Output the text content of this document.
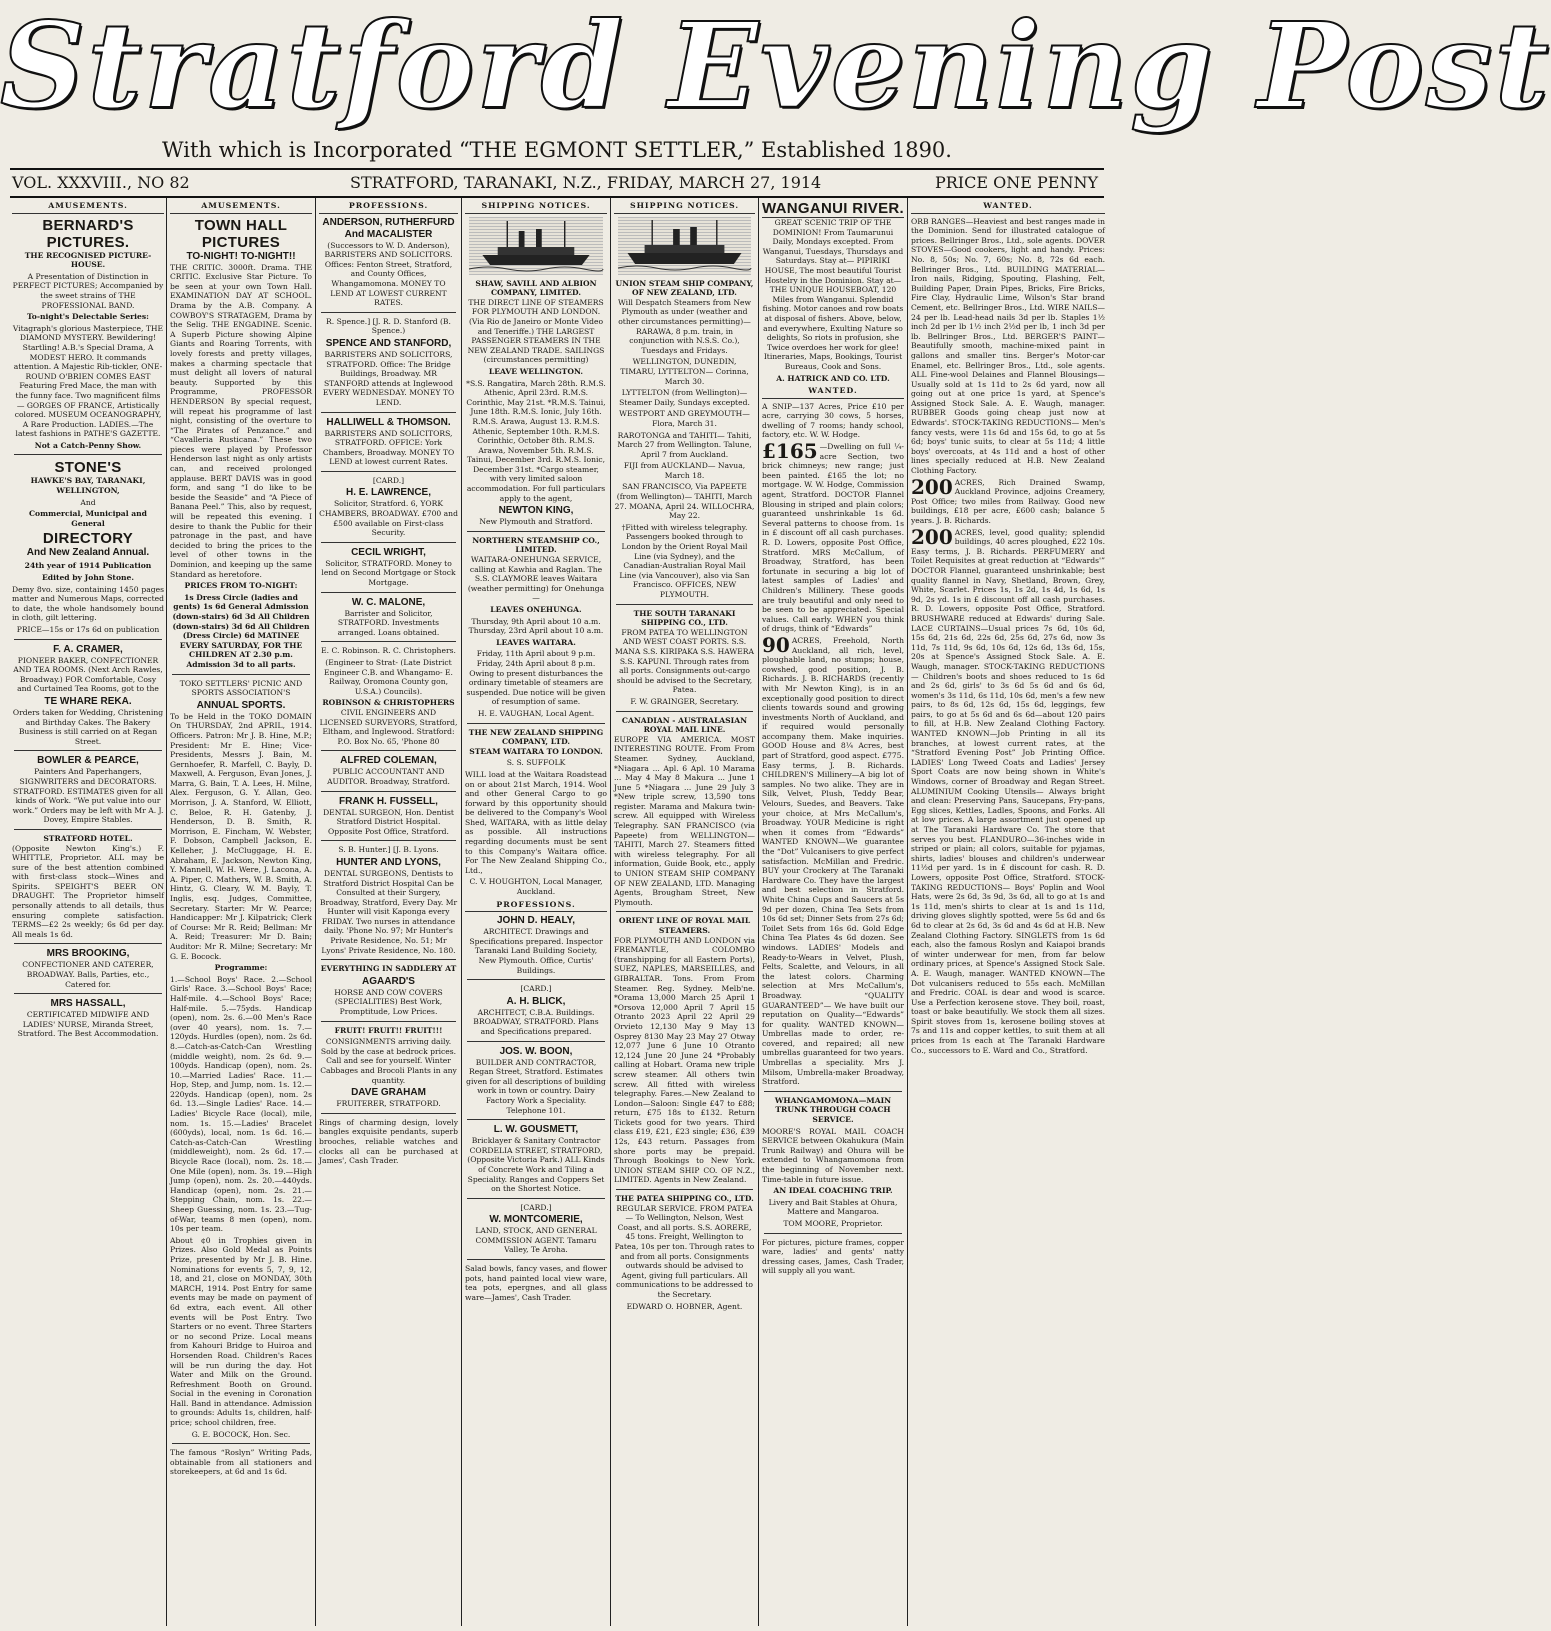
Stratford Evening Post
With which is Incorporated “THE EGMONT SETTLER,” Established 1890.
VOL. XXXVIII., NO 82	STRATFORD, TARANAKI, N.Z., FRIDAY, MARCH 27, 1914	PRICE ONE PENNY
AMUSEMENTS.
BERNARD'S PICTURES.

THE RECOGNISED PICTURE-HOUSE.

A Presentation of Distinction in PERFECT PICTURES; Accompanied by the sweet strains of THE PROFESSIONAL BAND.

To-night's Delectable Series:

Vitagraph's glorious Masterpiece, THE DIAMOND MYSTERY. Bewildering! Startling! A.B.'s Special Drama, A MODEST HERO. It commands attention. A Majestic Rib-tickler, ONE-ROUND O'BRIEN COMES EAST Featuring Fred Mace, the man with the funny face. Two magnificent films— GORGES OF FRANCE, Artistically colored. MUSEUM OCEANOGRAPHY, A Rare Production. LADIES.—The latest fashions in PATHE'S GAZETTE.

Not a Catch-Penny Show.

STONE'S

HAWKE'S BAY, TARANAKI, WELLINGTON,

And

Commercial, Municipal and General

DIRECTORY

And New Zealand Annual.

24th year of 1914 Publication

Edited by John Stone.

Demy 8vo. size, containing 1450 pages matter and Numerous Maps, corrected to date, the whole handsomely bound in cloth, gilt lettering.

PRICE—15s or 17s 6d on publication

F. A. CRAMER,

PIONEER BAKER, CONFECTIONER AND TEA ROOMS. (Next Arch Rawles, Broadway.) FOR Comfortable, Cosy and Curtained Tea Rooms, got to the

TE WHARE REKA.

Orders taken for Wedding, Christening and Birthday Cakes. The Bakery Business is still carried on at Regan Street.

BOWLER & PEARCE,

Painters And Paperhangers, SIGNWRITERS and DECORATORS. STRATFORD. ESTIMATES given for all kinds of Work. “We put value into our work.” Orders may be left with Mr A. J. Dovey, Empire Stables.

STRATFORD HOTEL.

(Opposite Newton King's.) F. WHITTLE, Proprietor. ALL may be sure of the best attention combined with first-class stock—Wines and Spirits. SPEIGHT'S BEER ON DRAUGHT. The Proprietor himself personally attends to all details, thus ensuring complete satisfaction. TERMS—£2 2s weekly; 6s 6d per day. All meals 1s 6d.

MRS BROOKING,

CONFECTIONER AND CATERER, BROADWAY. Balls, Parties, etc., Catered for.

MRS HASSALL,

CERTIFICATED MIDWIFE AND LADIES' NURSE, Miranda Street, Stratford. The Best Accommodation.

AMUSEMENTS.
TOWN HALL PICTURES
TO-NIGHT! TO-NIGHT!!

THE CRITIC. 3000ft. Drama. THE CRITIC. Exclusive Star Picture. To be seen at your own Town Hall. EXAMINATION DAY AT SCHOOL. Drama by the A.B. Company. A COWBOY'S STRATAGEM, Drama by the Selig. THE ENGADINE. Scenic. A Superb Picture showing Alpine Giants and Roaring Torrents, with lovely forests and pretty villages, makes a charming spectacle that must delight all lovers of natural beauty. Supported by this Programme, PROFESSOR HENDERSON By special request, will repeat his programme of last night, consisting of the overture to “The Pirates of Penzance.” and “Cavalleria Rusticana.” These two pieces were played by Professor Henderson last night as only artists can, and received prolonged applause. BERT DAVIS was in good form, and sang “I do like to be beside the Seaside” and “A Piece of Banana Peel.” This, also by request, will be repeated this evening. I desire to thank the Public for their patronage in the past, and have decided to bring the prices to the level of other towns in the Dominion, and keeping up the same Standard as heretofore.

PRICES FROM TO-NIGHT:

1s Dress Circle (ladies and gents) 1s 6d General Admission (down-stairs) 6d 3d All Children (down-stairs) 3d 6d All Children (Dress Circle) 6d MATINEE EVERY SATURDAY, FOR THE CHILDREN AT 2.30 p.m. Admission 3d to all parts.

TOKO SETTLERS' PICNIC AND SPORTS ASSOCIATION'S

ANNUAL SPORTS.

To be Held in the TOKO DOMAIN On THURSDAY, 2nd APRIL, 1914. Officers. Patron: Mr J. B. Hine, M.P.; President: Mr E. Hine; Vice-Presidents, Messrs J. Bain, M. Gernhoefer, R. Marfell, C. Bayly, D. Maxwell, A. Ferguson, Evan Jones, J. Marra, G. Bain, T. A. Lees, H. Milne, Alex. Ferguson, G. Y. Allan, Geo. Morrison, J. A. Stanford, W. Elliott, C. Beloe, R. H. Gatenby, J. Henderson, D. B. Smith, R. Morrison, E. Fincham, W. Webster, F. Dobson, Campbell Jackson, E. Kelleher, J. McCluggage, H. E. Abraham, E. Jackson, Newton King, Y. Mannell, W. H. Were, J. Lacona, A. A. Piper, C. Mathers, W. B. Smith, A. Hintz, G. Cleary, W. M. Bayly, T. Inglis, esq. Judges, Committee, Secretary. Starter: Mr W. Pearce; Handicapper: Mr J. Kilpatrick; Clerk of Course: Mr R. Reid; Bellman: Mr A. Reid; Treasurer: Mr D. Bain; Auditor: Mr R. Milne; Secretary: Mr G. E. Bocock.

Programme:

1.—School Boys' Race. 2.—School Girls' Race. 3.—School Boys' Race; Half-mile. 4.—School Boys' Race; Half-mile. 5.—75yds. Handicap (open), nom. 2s. 6.—00 Men's Race (over 40 years), nom. 1s. 7.—120yds. Hurdles (open), nom. 2s 6d. 8.—Catch-as-Catch-Can Wrestling (middle weight), nom. 2s 6d. 9.—100yds. Handicap (open), nom. 2s. 10.—Married Ladies' Race. 11.—Hop, Step, and Jump, nom. 1s. 12.—220yds. Handicap (open), nom. 2s 6d. 13.—Single Ladies' Race. 14.—Ladies' Bicycle Race (local), mile, nom. 1s. 15.—Ladies' Bracelet (600yds), local, nom. 1s 6d. 16.—Catch-as-Catch-Can Wrestling (middleweight), nom. 2s 6d. 17.—Bicycle Race (local), nom. 2s. 18.—One Mile (open), nom. 3s. 19.—High Jump (open), nom. 2s. 20.—440yds. Handicap (open), nom. 2s. 21.—Stepping Chain, nom. 1s. 22.—Sheep Guessing, nom. 1s. 23.—Tug-of-War, teams 8 men (open), nom. 10s per team.

About ¢0 in Trophies given in Prizes. Also Gold Medal as Points Prize, presented by Mr J. B. Hine. Nominations for events 5, 7, 9, 12, 18, and 21, close on MONDAY, 30th MARCH, 1914. Post Entry for same events may be made on payment of 6d extra, each event. All other events will be Post Entry. Two Starters or no event. Three Starters or no second Prize. Local means from Kahouri Bridge to Huiroa and Horsenden Road. Children's Races will be run during the day. Hot Water and Milk on the Ground. Refreshment Booth on Ground. Social in the evening in Coronation Hall. Band in attendance. Admission to grounds: Adults 1s, children, half-price; school children, free.

G. E. BOCOCK, Hon. Sec.

The famous “Roslyn” Writing Pads, obtainable from all stationers and storekeepers, at 6d and 1s 6d.

PROFESSIONS.
ANDERSON, RUTHERFURD And MACALISTER

(Successors to W. D. Anderson), BARRISTERS AND SOLICITORS. Offices: Fenton Street, Stratford, and County Offices, Whangamomona. MONEY TO LEND AT LOWEST CURRENT RATES.

R. Spence.] [J. R. D. Stanford (B. Spence.)

SPENCE AND STANFORD,

BARRISTERS AND SOLICITORS, STRATFORD. Office: The Bridge Buildings, Broadway. MR STANFORD attends at Inglewood EVERY WEDNESDAY. MONEY TO LEND.

HALLIWELL & THOMSON.

BARRISTERS AND SOLICITORS, STRATFORD. OFFICE: York Chambers, Broadway. MONEY TO LEND at lowest current Rates.

[CARD.]

H. E. LAWRENCE,

Solicitor, Stratford. 6, YORK CHAMBERS, BROADWAY. £700 and £500 available on First-class Security.

CECIL WRIGHT,

Solicitor, STRATFORD. Money to lend on Second Mortgage or Stock Mortgage.

W. C. MALONE,

Barrister and Solicitor, STRATFORD. Investments arranged. Loans obtained.

E. C. Robinson. R. C. Christophers.

(Engineer to Strat- (Late District Engineer C.B. and Whangamo- E. Railway, Oromona County gon, U.S.A.) Councils).

ROBINSON & CHRISTOPHERS

CIVIL ENGINEERS AND LICENSED SURVEYORS, Stratford, Eltham, and Inglewood. Stratford: P.O. Box No. 65, 'Phone 80

ALFRED COLEMAN,

PUBLIC ACCOUNTANT AND AUDITOR. Broadway, Stratford.

FRANK H. FUSSELL,

DENTAL SURGEON, Hon. Dentist Stratford District Hospital. Opposite Post Office, Stratford.

S. B. Hunter.] [J. B. Lyons.

HUNTER AND LYONS,

DENTAL SURGEONS, Dentists to Stratford District Hospital Can be Consulted at their Surgery, Broadway, Stratford, Every Day. Mr Hunter will visit Kaponga every FRIDAY. Two nurses in attendance daily. 'Phone No. 97; Mr Hunter's Private Residence, No. 51; Mr Lyons' Private Residence, No. 180.

EVERYTHING IN SADDLERY AT

AGAARD'S

HORSE AND COW COVERS (SPECIALITIES) Best Work, Promptitude, Low Prices.

FRUIT! FRUIT!! FRUIT!!!

CONSIGNMENTS arriving daily. Sold by the case at bedrock prices. Call and see for yourself. Winter Cabbages and Brocoli Plants in any quantity.

DAVE GRAHAM

FRUITERER, STRATFORD.

Rings of charming design, lovely bangles exquisite pendants, superb brooches, reliable watches and clocks all can be purchased at James', Cash Trader.

SHIPPING NOTICES.
SHAW, SAVILL AND ALBION COMPANY, LIMITED.

THE DIRECT LINE OF STEAMERS FOR PLYMOUTH AND LONDON. (Via Rio de Janeiro or Monte Video and Teneriffe.) THE LARGEST PASSENGER STEAMERS IN THE NEW ZEALAND TRADE. SAILINGS (circumstances permitting)

LEAVE WELLINGTON.

*S.S. Rangatira, March 28th. R.M.S. Athenic, April 23rd. R.M.S. Corinthic, May 21st. *R.M.S. Tainui, June 18th. R.M.S. Ionic, July 16th. R.M.S. Arawa, August 13. R.M.S. Athenic, September 10th. R.M.S. Corinthic, October 8th. R.M.S. Arawa, November 5th. R.M.S. Tainui, December 3rd. R.M.S. Ionic, December 31st. *Cargo steamer, with very limited saloon accommodation. For full particulars apply to the agent,

NEWTON KING,

New Plymouth and Stratford.

NORTHERN STEAMSHIP CO., LIMITED.

WAITARA-ONEHUNGA SERVICE, calling at Kawhia and Raglan. The S.S. CLAYMORE leaves Waitara (weather permitting) for Onehunga—

LEAVES ONEHUNGA.

Thursday, 9th April about 10 a.m. Thursday, 23rd April about 10 a.m.

LEAVES WAITARA.

Friday, 11th April about 9 p.m. Friday, 24th April about 8 p.m. Owing to present disturbances the ordinary timetable of steamers are suspended. Due notice will be given of resumption of same.

H. E. VAUGHAN, Local Agent.

THE NEW ZEALAND SHIPPING COMPANY, LTD.

STEAM WAITARA TO LONDON.

S. S. SUFFOLK

WILL load at the Waitara Roadstead on or about 21st March, 1914. Wool and other General Cargo to go forward by this opportunity should be delivered to the Company's Wool Shed, WAITARA, with as little delay as possible. All instructions regarding documents must be sent to this Company's Waitara office. For The New Zealand Shipping Co., Ltd.,

C. V. HOUGHTON, Local Manager, Auckland.

PROFESSIONS.
JOHN D. HEALY,

ARCHITECT. Drawings and Specifications prepared. Inspector Taranaki Land Building Society, New Plymouth. Office, Curtis' Buildings.

[CARD.]

A. H. BLICK,

ARCHITECT, C.B.A. Buildings. BROADWAY, STRATFORD. Plans and Specifications prepared.

JOS. W. BOON,

BUILDER AND CONTRACTOR, Regan Street, Stratford. Estimates given for all descriptions of building work in town or country. Dairy Factory Work a Speciality. Telephone 101.

L. W. GOUSMETT,

Bricklayer & Sanitary Contractor CORDELIA STREET, STRATFORD, (Opposite Victoria Park.) ALL Kinds of Concrete Work and Tiling a Speciality. Ranges and Coppers Set on the Shortest Notice.

[CARD.]

W. MONTCOMERIE,

LAND, STOCK, AND GENERAL COMMISSION AGENT. Tamaru Valley, Te Aroha.

Salad bowls, fancy vases, and flower pots, hand painted local view ware, tea pots, epergnes, and all glass ware—James', Cash Trader.

SHIPPING NOTICES.
UNION STEAM SHIP COMPANY, OF NEW ZEALAND, LTD.

Will Despatch Steamers from New Plymouth as under (weather and other circumstances permitting)— RARAWA, 8 p.m. train, in conjunction with N.S.S. Co.), Tuesdays and Fridays.

WELLINGTON, DUNEDIN, TIMARU, LYTTELTON— Corinna, March 30.

LYTTELTON (from Wellington)— Steamer Daily, Sundays excepted.

WESTPORT AND GREYMOUTH— Flora, March 31.

RAROTONGA and TAHITI— Tahiti, March 27 from Wellington. Talune, April 7 from Auckland.

FIJI from AUCKLAND— Navua, March 18.

SAN FRANCISCO, Via PAPEETE (from Wellington)— TAHITI, March 27. MOANA, April 24. WILLOCHRA, May 22.

†Fitted with wireless telegraphy. Passengers booked through to London by the Orient Royal Mail Line (via Sydney), and the Canadian-Australian Royal Mail Line (via Vancouver), also via San Francisco. OFFICES, NEW PLYMOUTH.

THE SOUTH TARANAKI SHIPPING CO., LTD.

FROM PATEA TO WELLINGTON AND WEST COAST PORTS. S.S. MANA S.S. KIRIPAKA S.S. HAWERA S.S. KAPUNI. Through rates from all ports. Consignments out-cargo should be advised to the Secretary, Patea.

F. W. GRAINGER, Secretary.

CANADIAN - AUSTRALASIAN ROYAL MAIL LINE.

EUROPE VIA AMERICA. MOST INTERESTING ROUTE. From From Steamer. Sydney, Auckland, *Niagara ... Apl. 6 Apl. 10 Marama ... May 4 May 8 Makura ... June 1 June 5 *Niagara ... June 29 July 3 *New triple screw, 13,590 tons register. Marama and Makura twin-screw. All equipped with Wireless Telegraphy. SAN FRANCISCO (via Papeete) from WELLINGTON— TAHITI, March 27. Steamers fitted with wireless telegraphy. For all information, Guide Book, etc., apply to UNION STEAM SHIP COMPANY OF NEW ZEALAND, LTD. Managing Agents, Brougham Street, New Plymouth.

ORIENT LINE OF ROYAL MAIL STEAMERS.

FOR PLYMOUTH AND LONDON via FREMANTLE, COLOMBO (transhipping for all Eastern Ports), SUEZ, NAPLES, MARSEILLES, and GIBRALTAR. Tons. From From Steamer. Reg. Sydney. Melb'ne. *Orama 13,000 March 25 April 1 *Orsova 12,000 April 7 April 15 Otranto 2023 April 22 April 29 Orvieto 12,130 May 9 May 13 Osprey 8130 May 23 May 27 Otway 12,077 June 6 June 10 Otranto 12,124 June 20 June 24 *Probably calling at Hobart. Orama new triple screw steamer. All others twin screw. All fitted with wireless telegraphy. Fares.—New Zealand to London—Saloon: Single £47 to £88; return, £75 18s to £132. Return Tickets good for two years. Third class £19, £21, £23 single; £36, £39 12s, £43 return. Passages from shore ports may be prepaid. Through Bookings to New York. UNION STEAM SHIP CO. OF N.Z., LIMITED. Agents in New Zealand.

THE PATEA SHIPPING CO., LTD.

REGULAR SERVICE. FROM PATEA— To Wellington, Nelson, West Coast, and all ports. S.S. AORERE, 45 tons. Freight, Wellington to Patea, 10s per ton. Through rates to and from all ports. Consignments outwards should be advised to Agent, giving full particulars. All communications to be addressed to the Secretary.

EDWARD O. HOBNER, Agent.

WANGANUI RIVER.

GREAT SCENIC TRIP OF THE DOMINION! From Taumarunui Daily, Mondays excepted. From Wanganui, Tuesdays, Thursdays and Saturdays. Stay at— PIPIRIKI HOUSE, The most beautiful Tourist Hostelry in the Dominion. Stay at— THE UNIQUE HOUSEBOAT, 120 Miles from Wanganui. Splendid fishing. Motor canoes and row boats at disposal of fishers. Above, below, and everywhere, Exulting Nature so delights, So riots in profusion, she Twice overdoes her work for glee! Itineraries, Maps, Bookings, Tourist Bureaus, Cook and Sons.

A. HATRICK AND CO. LTD.

WANTED.

A SNIP—137 Acres, Price £10 per acre, carrying 30 cows, 5 horses, dwelling of 7 rooms; handy school, factory, etc. W. W. Hodge.

£165 —Dwelling on full ¼-acre Section, two brick chimneys; new range; just been painted. £165 the lot; no mortgage. W. W. Hodge, Commission agent, Stratford. DOCTOR Flannel Blousing in striped and plain colors; guaranteed unshrinkable 1s 6d. Several patterns to choose from. 1s in £ discount off all cash purchases. R. D. Lowers, opposite Post Office, Stratford. MRS McCallum, of Broadway, Stratford, has been fortunate in securing a big lot of latest samples of Ladies' and Children's Millinery. These goods are truly beautiful and only need to be seen to be appreciated. Special values. Call early. WHEN you think of drugs, think of “Edwards”

90 ACRES, Freehold, North Auckland, all rich, level, ploughable land, no stumps; house, cowshed, good position, J. B. Richards. J. B. RICHARDS (recently with Mr Newton King), is in an exceptionally good position to direct clients towards sound and growing investments North of Auckland, and if required would personally accompany them. Make inquiries. GOOD House and 8¼ Acres, best part of Stratford, good aspect. £775. Easy terms, J. B. Richards. CHILDREN'S Millinery—A big lot of samples. No two alike. They are in Silk, Velvet, Plush, Teddy Bear, Velours, Suedes, and Beavers. Take your choice, at Mrs McCallum's, Broadway. YOUR Medicine is right when it comes from “Edwards” WANTED KNOWN—We guarantee the “Dot” Vulcanisers to give perfect satisfaction. McMillan and Fredric. BUY your Crockery at The Taranaki Hardware Co. They have the largest and best selection in Stratford. White China Cups and Saucers at 5s 9d per dozen, China Tea Sets from 10s 6d set; Dinner Sets from 27s 6d; Toilet Sets from 16s 6d. Gold Edge China Tea Plates 4s 6d dozen. See windows. LADIES' Models and Ready-to-Wears in Velvet, Plush, Felts, Scalette, and Velours, in all the latest colors. Charming selection at Mrs McCallum's, Broadway. “QUALITY GUARANTEED”— We have built our reputation on Quality—“Edwards” for quality. WANTED KNOWN—Umbrellas made to order, re-covered, and repaired; all new umbrellas guaranteed for two years. Umbrellas a speciality. Mrs J. Milsom, Umbrella-maker Broadway, Stratford.

WHANGAMOMONA—MAIN TRUNK THROUGH COACH SERVICE.

MOORE'S ROYAL MAIL COACH SERVICE between Okahukura (Main Trunk Railway) and Ohura will be extended to Whangamomona from the beginning of November next. Time-table in future issue.

AN IDEAL COACHING TRIP.

Livery and Bait Stables at Ohura, Mattere and Mangaroa.

TOM MOORE, Proprietor.

For pictures, picture frames, copper ware, ladies' and gents' natty dressing cases, James, Cash Trader, will supply all you want.

WANTED.

ORB RANGES—Heaviest and best ranges made in the Dominion. Send for illustrated catalogue of prices. Bellringer Bros., Ltd., sole agents. DOVER STOVES—Good cookers, light and handy. Prices: No. 8, 50s; No. 7, 60s; No. 8, 72s 6d each. Bellringer Bros., Ltd. BUILDING MATERIAL—Iron nails, Ridging, Spouting, Flashing, Felt, Building Paper, Drain Pipes, Bricks, Fire Bricks, Fire Clay, Hydraulic Lime, Wilson's Star brand Cement, etc. Bellringer Bros., Ltd. WIRE NAILS—24 per lb. Lead-head nails 3d per lb. Staples 1½ inch 2d per lb 1½ inch 2½d per lb, 1 inch 3d per lb. Bellringer Bros., Ltd. BERGER'S PAINT—Beautifully smooth, machine-mixed paint in gallons and smaller tins. Berger's Motor-car Enamel, etc. Bellringer Bros., Ltd., sole agents. ALL Fine-wool Delaines and Flannel Blousings—Usually sold at 1s 11d to 2s 6d yard, now all going out at one price 1s yard, at Spence's Assigned Stock Sale. A. E. Waugh, manager. RUBBER Goods going cheap just now at Edwards'. STOCK-TAKING REDUCTIONS— Men's fancy vests, were 11s 6d and 15s 6d, to go at 5s 6d; boys' tunic suits, to clear at 5s 11d; 4 little boys' overcoats, at 4s 11d and a host of other lines specially reduced at H.B. New Zealand Clothing Factory.

200 ACRES, Rich Drained Swamp, Auckland Province, adjoins Creamery, Post Office; two miles from Railway. Good new buildings, £18 per acre, £600 cash; balance 5 years. J. B. Richards.

200 ACRES, level, good quality; splendid buildings, 40 acres ploughed, £22 10s. Easy terms, J. B. Richards. PERFUMERY and Toilet Requisites at great reduction at “Edwards'” DOCTOR Flannel, guaranteed unshrinkable; best quality flannel in Navy, Shetland, Brown, Grey, White, Scarlet. Prices 1s, 1s 2d, 1s 4d, 1s 6d, 1s 9d, 2s yd. 1s in £ discount off all cash purchases. R. D. Lowers, opposite Post Office, Stratford. BRUSHWARE reduced at Edwards' during Sale. LACE CURTAINS—Usual prices 7s 6d, 10s 6d, 15s 6d, 21s 6d, 22s 6d, 25s 6d, 27s 6d, now 3s 11d, 7s 11d, 9s 6d, 10s 6d, 12s 6d, 13s 6d, 15s, 20s at Spence's Assigned Stock Sale. A. E. Waugh, manager. STOCK-TAKING REDUCTIONS— Children's boots and shoes reduced to 1s 6d and 2s 6d, girls' to 3s 6d 5s 6d and 6s 6d, women's 3s 11d, 6s 11d, 10s 6d, men's a few new pairs, to 8s 6d, 12s 6d, 15s 6d, leggings, few pairs, to go at 5s 6d and 6s 6d—about 120 pairs to fill, at H.B. New Zealand Clothing Factory. WANTED KNOWN—Job Printing in all its branches, at lowest current rates, at the “Stratford Evening Post” Job Printing Office. LADIES' Long Tweed Coats and Ladies' Jersey Sport Coats are now being shown in White's Windows, corner of Broadway and Regan Street. ALUMINIUM Cooking Utensils— Always bright and clean: Preserving Pans, Saucepans, Fry-pans, Egg slices, Kettles, Ladles, Spoons, and Forks. All at low prices. A large assortment just opened up at The Taranaki Hardware Co. The store that serves you best. FLANDURO—36-inches wide in striped or plain; all colors, suitable for pyjamas, shirts, ladies' blouses and children's underwear 11½d per yard. 1s in £ discount for cash. R. D. Lowers, opposite Post Office, Stratford. STOCK-TAKING REDUCTIONS— Boys' Poplin and Wool Hats, were 2s 6d, 3s 9d, 3s 6d, all to go at 1s and 1s 11d, men's shirts to clear at 1s and 1s 11d, driving gloves slightly spotted, were 5s 6d and 6s 6d to clear at 2s 6d, 3s 6d and 4s 6d at H.B. New Zealand Clothing Factory. SINGLETS from 1s 6d each, also the famous Roslyn and Kaiapoi brands of winter underwear for men, from far below ordinary prices, at Spence's Assigned Stock Sale. A. E. Waugh, manager. WANTED KNOWN—The Dot vulcanisers reduced to 55s each. McMillan and Fredric. COAL is dear and wood is scarce. Use a Perfection kerosene stove. They boil, roast, toast or bake beautifully. We stock them all sizes. Spirit stoves from 1s, kerosene boiling stoves at 7s and 11s and copper kettles, to suit them at all prices from 1s each at The Taranaki Hardware Co., successors to E. Ward and Co., Stratford.
